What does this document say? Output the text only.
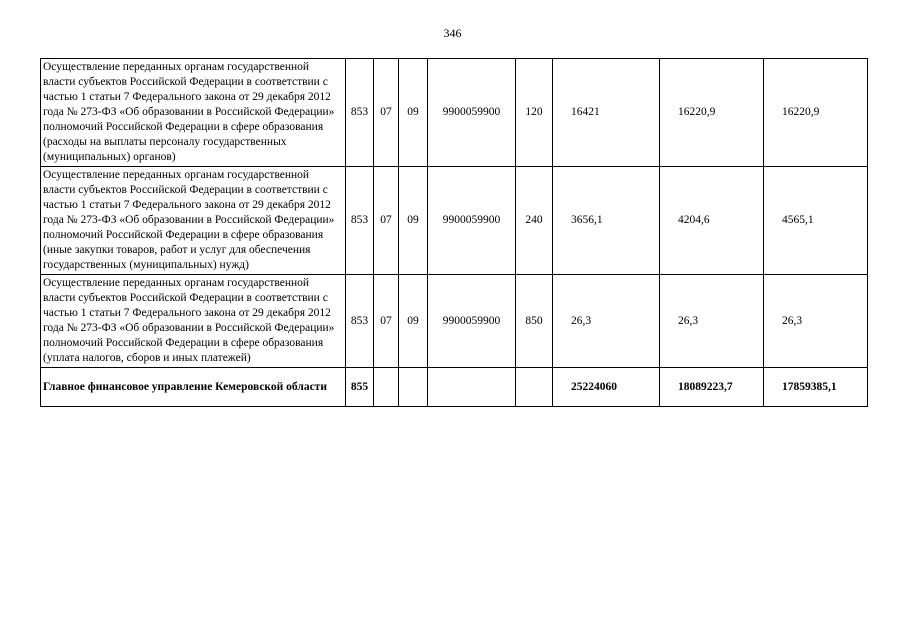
346
Осуществление переданных органам государственной власти субъектов Российской Федерации в соответствии с частью 1 статьи 7 Федерального закона от 29 декабря 2012 года № 273-ФЗ «Об образовании в Российской Федерации» полномочий Российской Федерации в сфере образования (расходы на выплаты персоналу государственных (муниципальных) органов)	853	07	09	9900059900	120	16421	16220,9	16220,9
Осуществление переданных органам государственной власти субъектов Российской Федерации в соответствии с частью 1 статьи 7 Федерального закона от 29 декабря 2012 года № 273-ФЗ «Об образовании в Российской Федерации» полномочий Российской Федерации в сфере образования (иные закупки товаров, работ и услуг для обеспечения государственных (муниципальных) нужд)	853	07	09	9900059900	240	3656,1	4204,6	4565,1
Осуществление переданных органам государственной власти субъектов Российской Федерации в соответствии с частью 1 статьи 7 Федерального закона от 29 декабря 2012 года № 273-ФЗ «Об образовании в Российской Федерации» полномочий Российской Федерации в сфере образования (уплата налогов, сборов и иных платежей)	853	07	09	9900059900	850	26,3	26,3	26,3
Главное финансовое управление Кемеровской области	855					25224060	18089223,7	17859385,1
